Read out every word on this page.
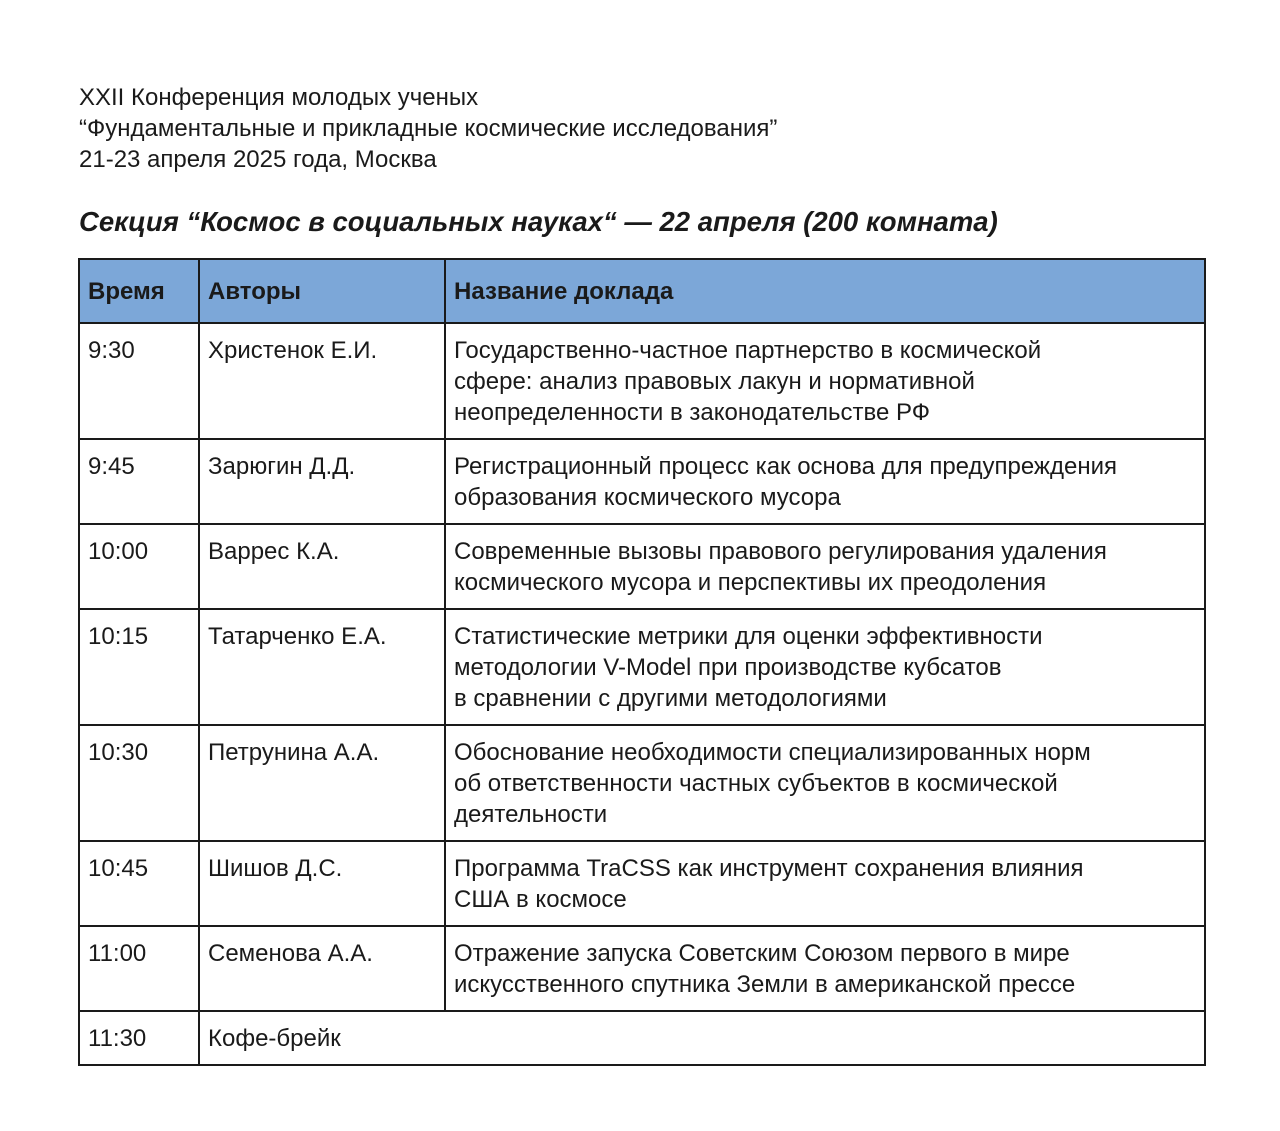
XXII Конференция молодых ученых
“Фундаментальные и прикладные космические исследования”
21-23 апреля 2025 года, Москва
Секция “Космос в социальных науках“ — 22 апреля (200 комната)
Время	Авторы	Название доклада
9:30	Христенок Е.И.	Государственно-частное партнерство в космической
сфере: анализ правовых лакун и нормативной
неопределенности в законодательстве РФ

9:45	Зарюгин Д.Д.	Регистрационный процесс как основа для предупреждения
образования космического мусора

10:00	Варрес К.А.	Современные вызовы правового регулирования удаления
космического мусора и перспективы их преодоления

10:15	Татарченко Е.А.	Статистические метрики для оценки эффективности
методологии V-Model при производстве кубсатов
в сравнении с другими методологиями

10:30	Петрунина А.А.	Обоснование необходимости специализированных норм
об ответственности частных субъектов в космической
деятельности

10:45	Шишов Д.С.	Программа TraCSS как инструмент сохранения влияния
США в космосе

11:00	Семенова А.А.	Отражение запуска Советским Союзом первого в мире
искусственного спутника Земли в американской прессе

11:30	Кофе-брейк	
